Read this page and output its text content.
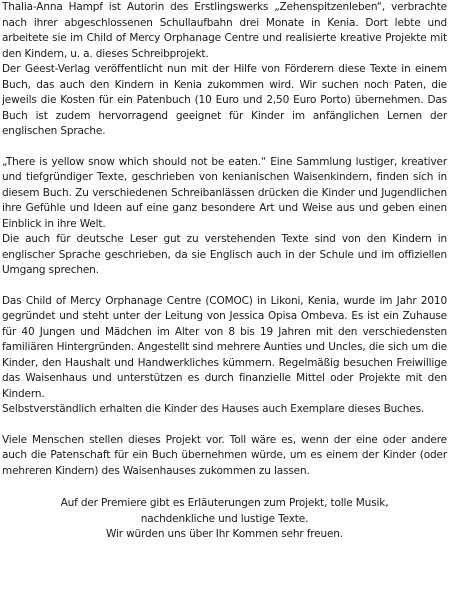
Thalia-Anna Hampf ist Autorin des Erstlingswerks „Zehenspitzenleben“, verbrachte nach ihrer abgeschlossenen Schullaufbahn drei Monate in Kenia. Dort lebte und arbeitete sie im Child of Mercy Orphanage Centre und realisierte kreative Projekte mit den Kindern, u. a. dieses Schreibprojekt.

Der Geest-Verlag veröffentlicht nun mit der Hilfe von Förderern diese Texte in einem Buch, das auch den Kindern in Kenia zukommen wird. Wir suchen noch Paten, die jeweils die Kosten für ein Patenbuch (10 Euro und 2,50 Euro Porto) übernehmen. Das Buch ist zudem hervorragend geeignet für Kinder im anfänglichen Lernen der englischen Sprache.

„There is yellow snow which should not be eaten.“ Eine Sammlung lustiger, kreativer und tiefgründiger Texte, geschrieben von kenianischen Waisenkindern, finden sich in diesem Buch. Zu verschiedenen Schreibanlässen drücken die Kinder und Jugendlichen ihre Gefühle und Ideen auf eine ganz besondere Art und Weise aus und geben einen Einblick in ihre Welt.

Die auch für deutsche Leser gut zu verstehenden Texte sind von den Kindern in englischer Sprache geschrieben, da sie Englisch auch in der Schule und im offiziellen Umgang sprechen.

Das Child of Mercy Orphanage Centre (COMOC) in Likoni, Kenia, wurde im Jahr 2010 gegründet und steht unter der Leitung von Jessica Opisa Ombeva. Es ist ein Zuhause für 40 Jungen und Mädchen im Alter von 8 bis 19 Jahren mit den verschiedensten familiären Hintergründen. Angestellt sind mehrere Aunties und Uncles, die sich um die Kinder, den Haushalt und Handwerkliches kümmern. Regelmäßig besuchen Freiwillige das Waisenhaus und unterstützen es durch finanzielle Mittel oder Projekte mit den Kindern.

Selbstverständlich erhalten die Kinder des Hauses auch Exemplare dieses Buches.

Viele Menschen stellen dieses Projekt vor. Toll wäre es, wenn der eine oder andere auch die Patenschaft für ein Buch übernehmen würde, um es einem der Kinder (oder mehreren Kindern) des Waisenhauses zukommen zu lassen.

Auf der Premiere gibt es Erläuterungen zum Projekt, tolle Musik,

nachdenkliche und lustige Texte.

Wir würden uns über Ihr Kommen sehr freuen.
